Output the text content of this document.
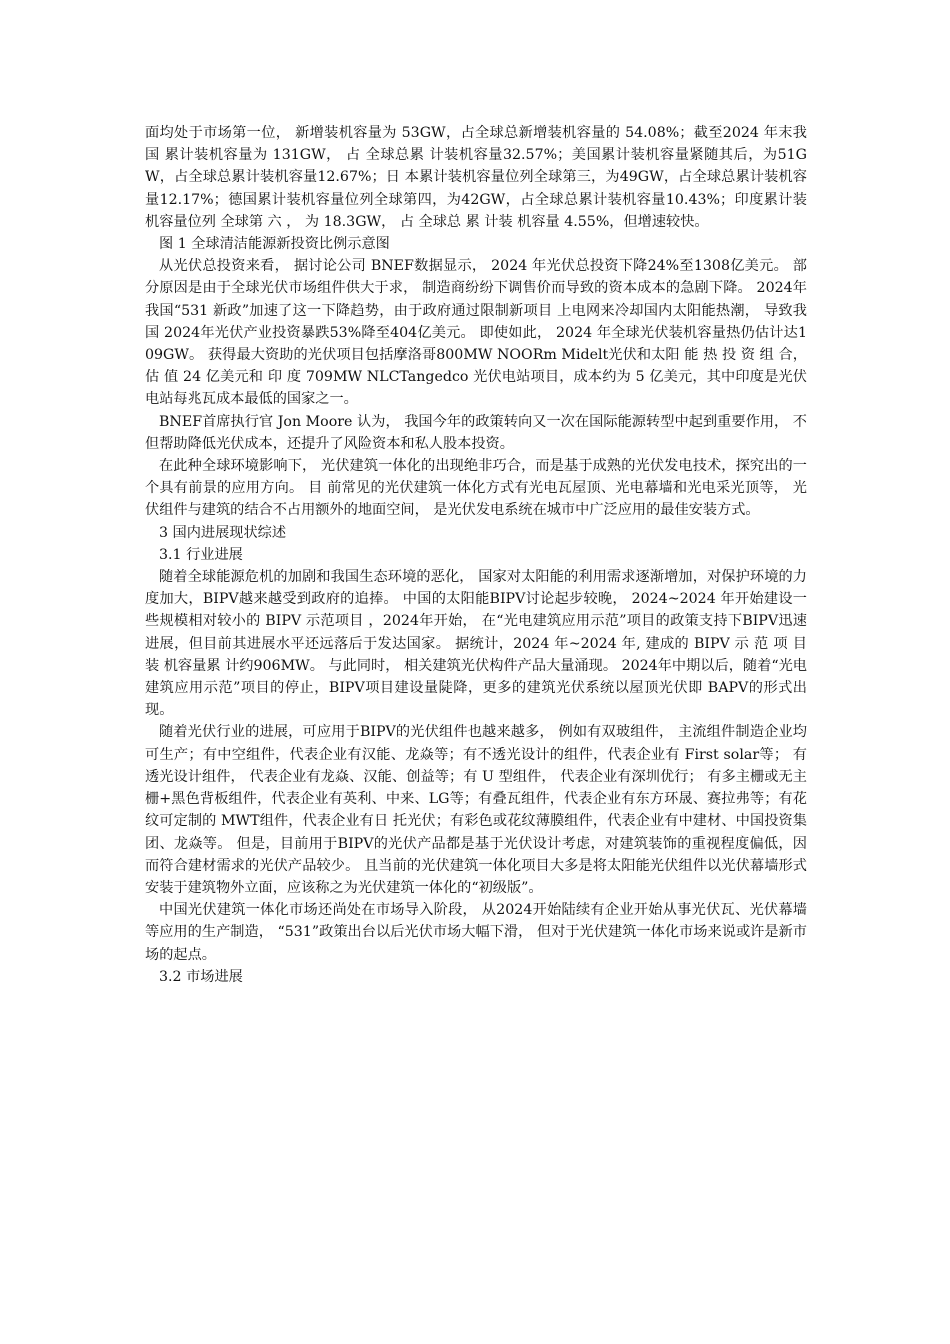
面均处于市场第一位， 新增装机容量为 53GW，占全球总新增装机容量的 54.08%；截至2024 年末我国 累计装机容量为 131GW， 占 全球总累 计装机容量32.57%；美国累计装机容量紧随其后，为51GW，占全球总累计装机容量12.67%；日 本累计装机容量位列全球第三，为49GW，占全球总累计装机容量12.17%；德国累计装机容量位列全球第四，为42GW，占全球总累计装机容量10.43%；印度累计装机容量位列 全球第 六 ， 为 18.3GW， 占 全球总 累 计装 机容量 4.55%，但增速较快。

图 1 全球清洁能源新投资比例示意图

从光伏总投资来看， 据讨论公司 BNEF数据显示， 2024 年光伏总投资下降24%至1308亿美元。 部分原因是由于全球光伏市场组件供大于求， 制造商纷纷下调售价而导致的资本成本的急剧下降。 2024年我国“531 新政”加速了这一下降趋势，由于政府通过限制新项目 上电网来冷却国内太阳能热潮， 导致我国 2024年光伏产业投资暴跌53%降至404亿美元。 即使如此， 2024 年全球光伏装机容量热仍估计达109GW。 获得最大资助的光伏项目包括摩洛哥800MW NOORm Midelt光伏和太阳 能 热 投 资 组 合， 估 值 24 亿美元和 印 度 709MW NLCTangedco 光伏电站项目，成本约为 5 亿美元，其中印度是光伏电站每兆瓦成本最低的国家之一。

BNEF首席执行官 Jon Moore 认为， 我国今年的政策转向又一次在国际能源转型中起到重要作用， 不但帮助降低光伏成本，还提升了风险资本和私人股本投资。

在此种全球环境影响下， 光伏建筑一体化的出现绝非巧合，而是基于成熟的光伏发电技术，探究出的一个具有前景的应用方向。 目 前常见的光伏建筑一体化方式有光电瓦屋顶、光电幕墙和光电采光顶等， 光伏组件与建筑的结合不占用额外的地面空间， 是光伏发电系统在城市中广泛应用的最佳安装方式。

3 国内进展现状综述

3.1 行业进展

随着全球能源危机的加剧和我国生态环境的恶化， 国家对太阳能的利用需求逐渐增加，对保护环境的力度加大，BIPV越来越受到政府的追捧。 中国的太阳能BIPV讨论起步较晚， 2024~2024 年开始建设一些规模相对较小的 BIPV 示范项目 ，2024年开始， 在“光电建筑应用示范”项目的政策支持下BIPV迅速进展，但目前其进展水平还远落后于发达国家。 据统计，2024 年~2024 年, 建成的 BIPV 示 范 项 目 装 机容量累 计约906MW。 与此同时， 相关建筑光伏构件产品大量涌现。 2024年中期以后，随着“光电建筑应用示范”项目的停止，BIPV项目建设量陡降，更多的建筑光伏系统以屋顶光伏即 BAPV的形式出现。

随着光伏行业的进展，可应用于BIPV的光伏组件也越来越多， 例如有双玻组件， 主流组件制造企业均可生产；有中空组件，代表企业有汉能、龙焱等；有不透光设计的组件，代表企业有 First solar等； 有透光设计组件， 代表企业有龙焱、汉能、创益等；有 U 型组件， 代表企业有深圳优行； 有多主栅或无主栅+黑色背板组件，代表企业有英利、中来、LG等；有叠瓦组件，代表企业有东方环晟、赛拉弗等；有花纹可定制的 MWT组件，代表企业有日 托光伏；有彩色或花纹薄膜组件，代表企业有中建材、中国投资集团、龙焱等。 但是，目前用于BIPV的光伏产品都是基于光伏设计考虑，对建筑装饰的重视程度偏低，因而符合建材需求的光伏产品较少。 且当前的光伏建筑一体化项目大多是将太阳能光伏组件以光伏幕墙形式安装于建筑物外立面，应该称之为光伏建筑一体化的“初级版”。

中国光伏建筑一体化市场还尚处在市场导入阶段， 从2024开始陆续有企业开始从事光伏瓦、光伏幕墙等应用的生产制造， “531”政策出台以后光伏市场大幅下滑， 但对于光伏建筑一体化市场来说或许是新市场的起点。

3.2 市场进展
